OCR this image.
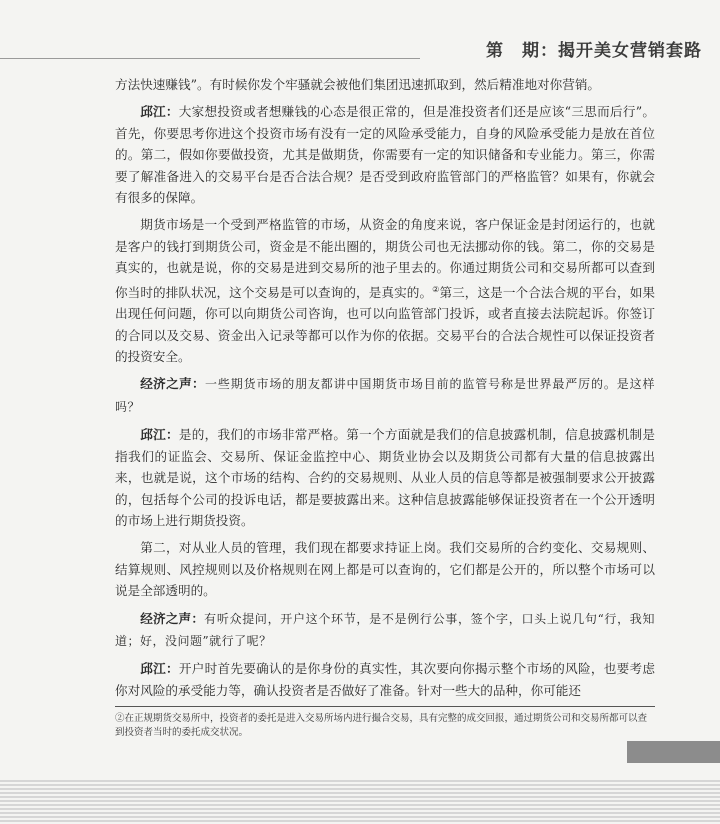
第　期：揭开美女营销套路

方法快速赚钱”。有时候你发个牢骚就会被他们集团迅速抓取到，然后精准地对你营销。

邱江：大家想投资或者想赚钱的心态是很正常的，但是准投资者们还是应该“三思而后行”。首先，你要思考你进这个投资市场有没有一定的风险承受能力，自身的风险承受能力是放在首位的。第二，假如你要做投资，尤其是做期货，你需要有一定的知识储备和专业能力。第三，你需要了解准备进入的交易平台是否合法合规？是否受到政府监管部门的严格监管？如果有，你就会有很多的保障。

期货市场是一个受到严格监管的市场，从资金的角度来说，客户保证金是封闭运行的，也就是客户的钱打到期货公司，资金是不能出圈的，期货公司也无法挪动你的钱。第二，你的交易是真实的，也就是说，你的交易是进到交易所的池子里去的。你通过期货公司和交易所都可以查到你当时的排队状况，这个交易是可以查询的，是真实的。②第三，这是一个合法合规的平台，如果出现任何问题，你可以向期货公司咨询，也可以向监管部门投诉，或者直接去法院起诉。你签订的合同以及交易、资金出入记录等都可以作为你的依据。交易平台的合法合规性可以保证投资者的投资安全。

经济之声：一些期货市场的朋友都讲中国期货市场目前的监管号称是世界最严厉的。是这样吗？

邱江：是的，我们的市场非常严格。第一个方面就是我们的信息披露机制，信息披露机制是指我们的证监会、交易所、保证金监控中心、期货业协会以及期货公司都有大量的信息披露出来，也就是说，这个市场的结构、合约的交易规则、从业人员的信息等都是被强制要求公开披露的，包括每个公司的投诉电话，都是要披露出来。这种信息披露能够保证投资者在一个公开透明的市场上进行期货投资。

第二，对从业人员的管理，我们现在都要求持证上岗。我们交易所的合约变化、交易规则、结算规则、风控规则以及价格规则在网上都是可以查询的，它们都是公开的，所以整个市场可以说是全部透明的。

经济之声：有听众提问，开户这个环节，是不是例行公事，签个字，口头上说几句“行，我知道；好，没问题”就行了呢？

邱江：开户时首先要确认的是你身份的真实性，其次要向你揭示整个市场的风险，也要考虑你对风险的承受能力等，确认投资者是否做好了准备。针对一些大的品种，你可能还

②在正规期货交易所中，投资者的委托是进入交易所场内进行撮合交易，具有完整的成交回报，通过期货公司和交易所都可以查到投资者当时的委托成交状况。
